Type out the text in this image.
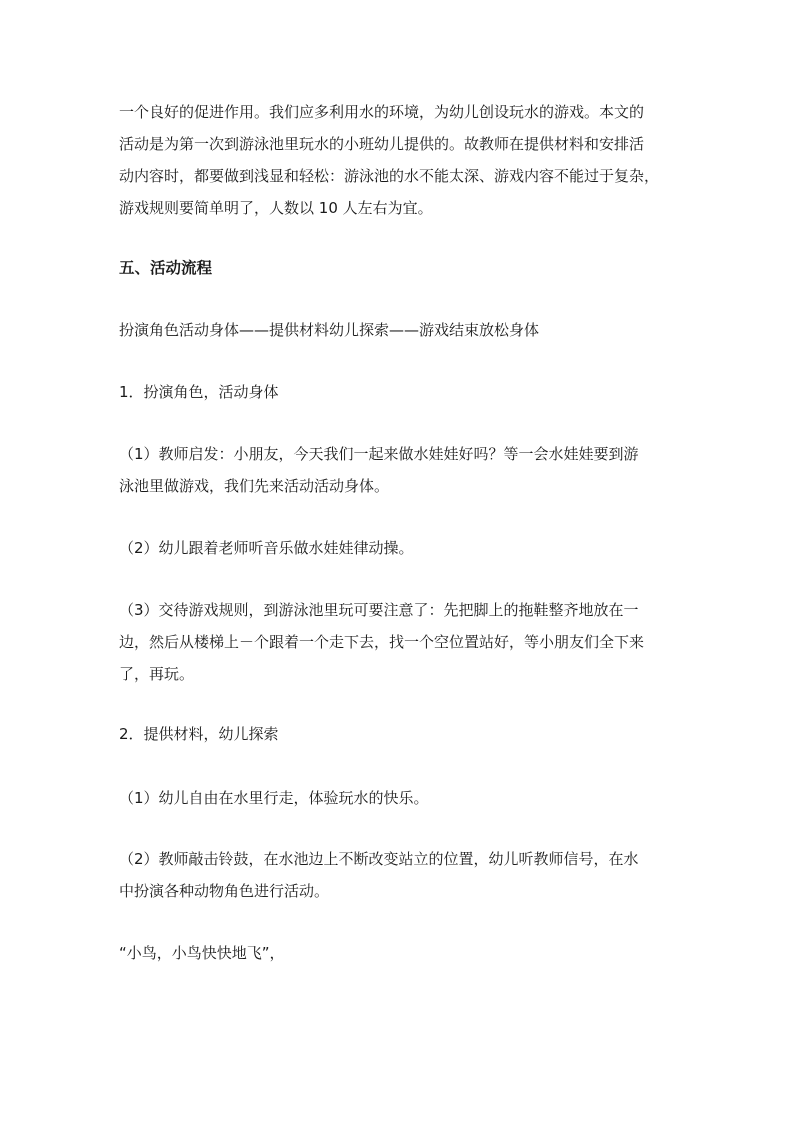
一个良好的促进作用。我们应多利用水的环境，为幼儿创设玩水的游戏。本文的
活动是为第一次到游泳池里玩水的小班幼儿提供的。故教师在提供材料和安排活
动内容时，都要做到浅显和轻松：游泳池的水不能太深、游戏内容不能过于复杂，
游戏规则要简单明了，人数以 10 人左右为宜。
五、活动流程
扮演角色活动身体——提供材料幼儿探索——游戏结束放松身体
1．扮演角色，活动身体
（1）教师启发：小朋友，今天我们一起来做水娃娃好吗？等一会水娃娃要到游
泳池里做游戏，我们先来活动活动身体。
（2）幼儿跟着老师听音乐做水娃娃律动操。
（3）交待游戏规则，到游泳池里玩可要注意了：先把脚上的拖鞋整齐地放在一
边，然后从楼梯上－个跟着一个走下去，找一个空位置站好，等小朋友们全下来
了，再玩。
2．提供材料，幼儿探索
（1）幼儿自由在水里行走，体验玩水的快乐。
（2）教师敲击铃鼓，在水池边上不断改变站立的位置，幼儿听教师信号，在水
中扮演各种动物角色进行活动。
“小鸟，小鸟快快地飞”，
